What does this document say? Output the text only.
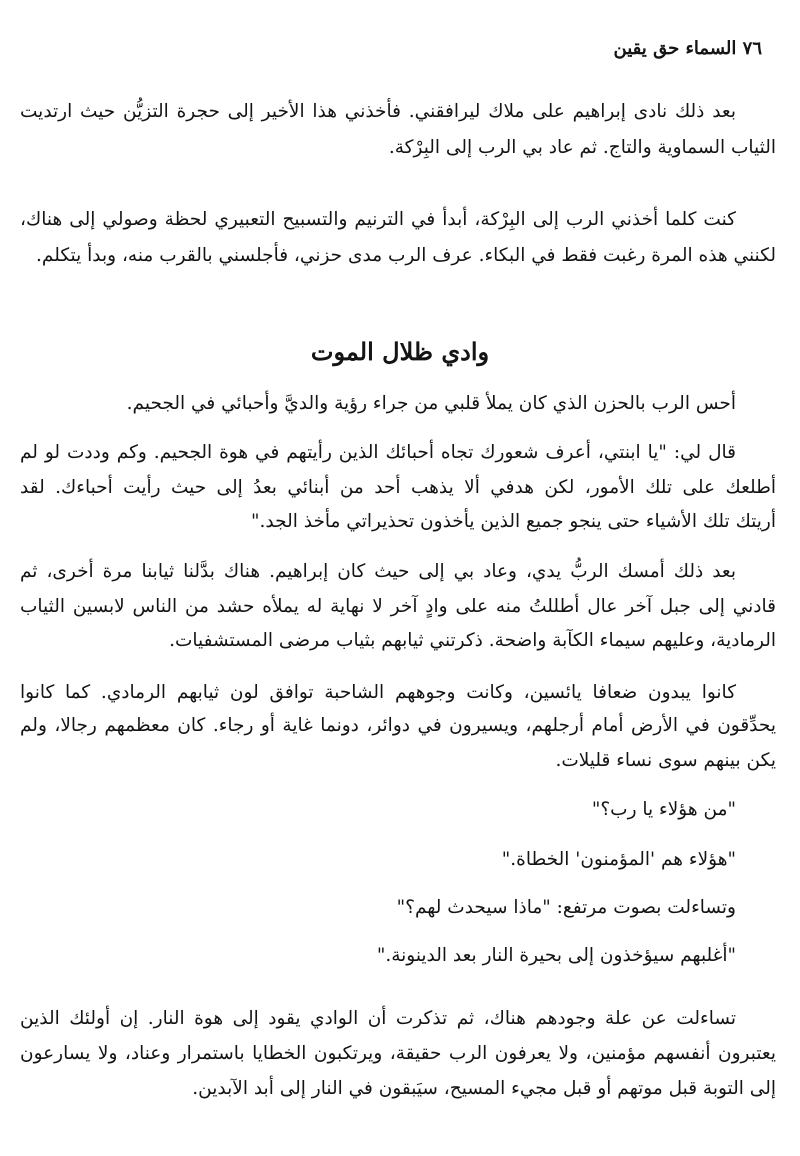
٧٦ السماء حق يقين
وادي ظلال الموت
بعد ذلك نادى إبراهيم على ملاك ليرافقني. فأخذني هذا الأخير إلى حجرة التزيُّن حيث ارتديت
الثياب السماوية والتاج. ثم عاد بي الرب إلى البِرْكة.
كنت كلما أخذني الرب إلى البِرْكة، أبدأ في الترنيم والتسبيح التعبيري لحظة وصولي إلى هناك،
لكنني هذه المرة رغبت فقط في البكاء. عرف الرب مدى حزني، فأجلسني بالقرب منه، وبدأ يتكلم.
أحس الرب بالحزن الذي كان يملأ قلبي من جراء رؤية والديَّ وأحبائي في الجحيم.
قال لي: "يا ابنتي، أعرف شعورك تجاه أحبائك الذين رأيتهم في هوة الجحيم. وكم وددت لو لم
أطلعك على تلك الأمور، لكن هدفي ألا يذهب أحد من أبنائي بعدُ إلى حيث رأيت أحباءك. لقد
أريتك تلك الأشياء حتى ينجو جميع الذين يأخذون تحذيراتي مأخذ الجد."
بعد ذلك أمسك الربُّ يدي، وعاد بي إلى حيث كان إبراهيم. هناك بدَّلنا ثيابنا مرة أخرى، ثم
قادني إلى جبل آخر عال أطللتُ منه على وادٍ آخر لا نهاية له يملأه حشد من الناس لابسين الثياب
الرمادية، وعليهم سيماء الكآبة واضحة. ذكرتني ثيابهم بثياب مرضى المستشفيات.
كانوا يبدون ضعافا يائسين، وكانت وجوههم الشاحبة توافق لون ثيابهم الرمادي. كما كانوا
يحدِّقون في الأرض أمام أرجلهم، ويسيرون في دوائر، دونما غاية أو رجاء. كان معظمهم رجالا، ولم
يكن بينهم سوى نساء قليلات.
"من هؤلاء يا رب؟"
"هؤلاء هم 'المؤمنون' الخطاة."
وتساءلت بصوت مرتفع: "ماذا سيحدث لهم؟"
"أغلبهم سيؤخذون إلى بحيرة النار بعد الدينونة."
تساءلت عن علة وجودهم هناك، ثم تذكرت أن الوادي يقود إلى هوة النار. إن أولئك الذين
يعتبرون أنفسهم مؤمنين، ولا يعرفون الرب حقيقة، ويرتكبون الخطايا باستمرار وعناد، ولا يسارعون
إلى التوبة قبل موتهم أو قبل مجيء المسيح، سيَبقون في النار إلى أبد الآبدين.
